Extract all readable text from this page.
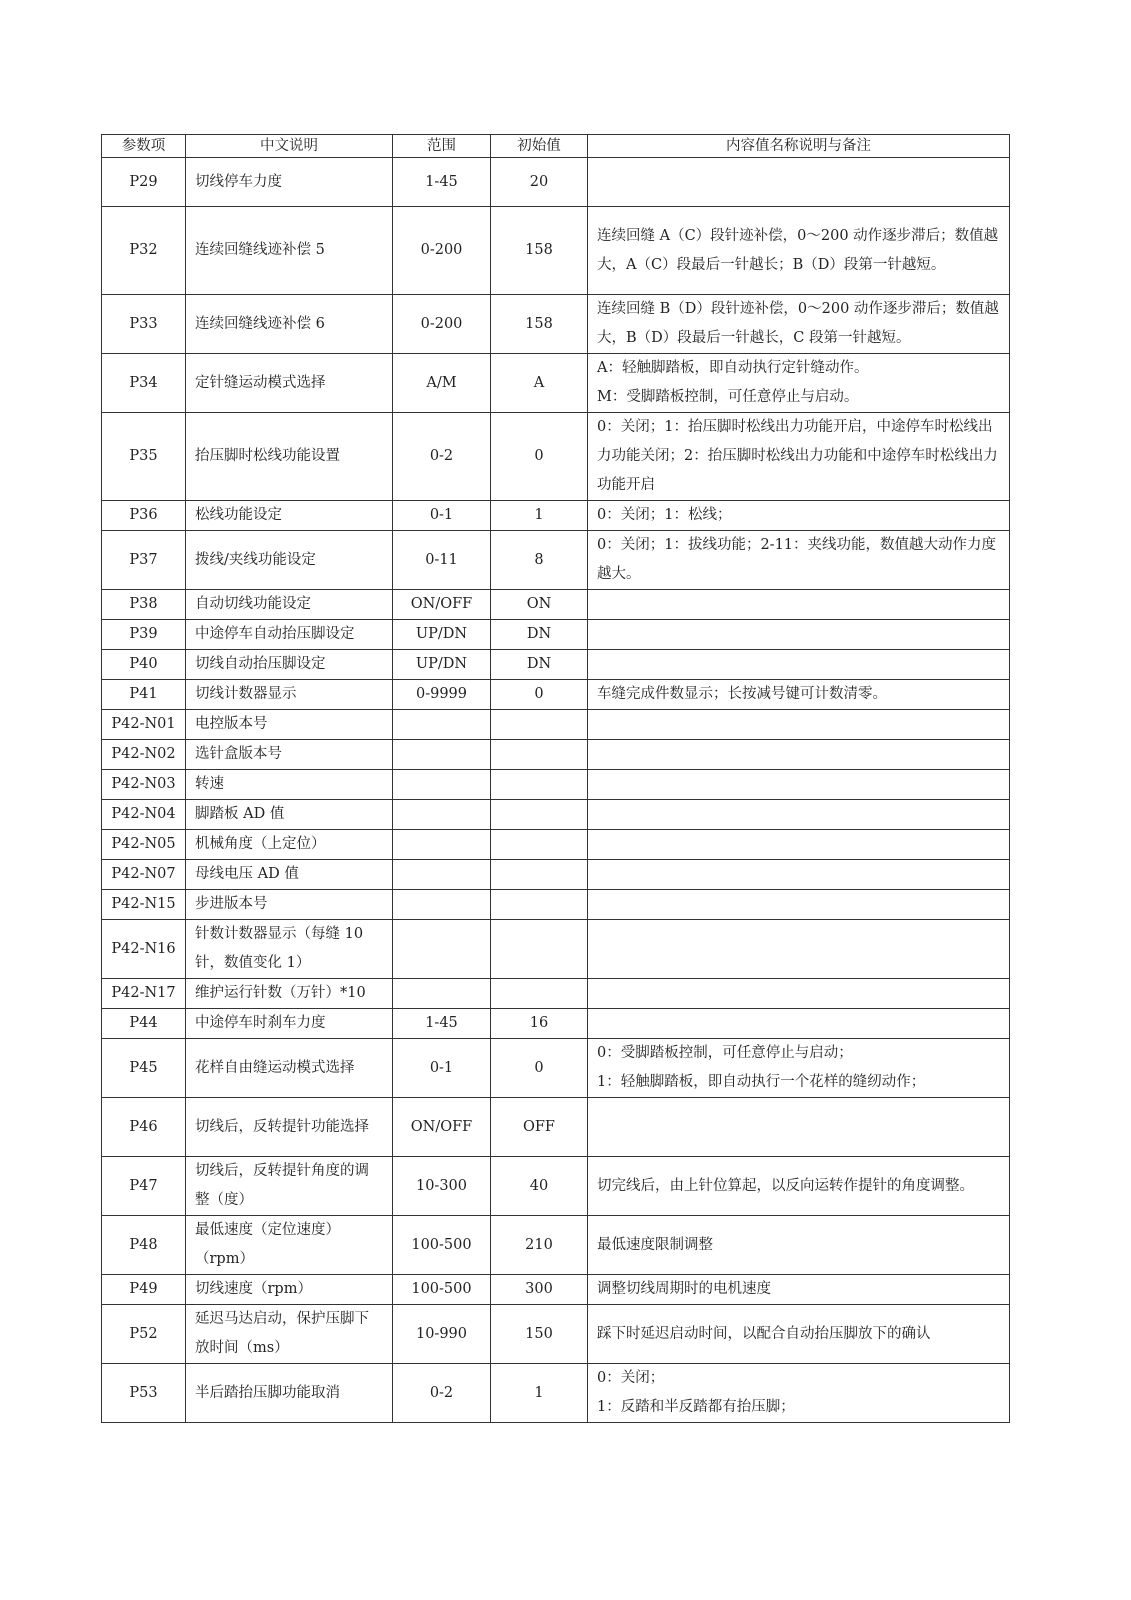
参数项	中文说明	范围	初始值	内容值名称说明与备注
P29	切线停车力度	1-45	20	
P32	连续回缝线迹补偿 5	0-200	158	连续回缝 A（C）段针迹补偿，0～200 动作逐步滞后；数值越大，A（C）段最后一针越长；B（D）段第一针越短。

P33	连续回缝线迹补偿 6	0-200	158	连续回缝 B（D）段针迹补偿，0～200 动作逐步滞后；数值越大，B（D）段最后一针越长，C 段第一针越短。

P34	定针缝运动模式选择	A/M	A	A：轻触脚踏板，即自动执行定针缝动作。
M：受脚踏板控制，可任意停止与启动。

P35	抬压脚时松线功能设置	0-2	0	0：关闭；1：抬压脚时松线出力功能开启，中途停车时松线出力功能关闭；2：抬压脚时松线出力功能和中途停车时松线出力功能开启

P36	松线功能设定	0-1	1	0：关闭；1：松线；

P37	拨线/夹线功能设定	0-11	8	0：关闭；1：拔线功能；2-11：夹线功能，数值越大动作力度越大。

P38	自动切线功能设定	ON/OFF	ON	
P39	中途停车自动抬压脚设定	UP/DN	DN	
P40	切线自动抬压脚设定	UP/DN	DN	
P41	切线计数器显示	0-9999	0	车缝完成件数显示；长按减号键可计数清零。

P42-N01	电控版本号			
P42-N02	选针盒版本号			
P42-N03	转速			
P42-N04	脚踏板 AD 值			
P42-N05	机械角度（上定位）			
P42-N07	母线电压 AD 值			
P42-N15	步进版本号			
P42-N16	针数计数器显示（每缝 10 针，数值变化 1）			
P42-N17	维护运行针数（万针）*10			
P44	中途停车时刹车力度	1-45	16	
P45	花样自由缝运动模式选择	0-1	0	0：受脚踏板控制，可任意停止与启动；
1：轻触脚踏板，即自动执行一个花样的缝纫动作；

P46	切线后，反转提针功能选择	ON/OFF	OFF	
P47	切线后，反转提针角度的调整（度）	10-300	40	切完线后，由上针位算起，以反向运转作提针的角度调整。

P48	最低速度（定位速度）（rpm）	100-500	210	最低速度限制调整

P49	切线速度（rpm）	100-500	300	调整切线周期时的电机速度

P52	延迟马达启动，保护压脚下放时间（ms）	10-990	150	踩下时延迟启动时间，以配合自动抬压脚放下的确认

P53	半后踏抬压脚功能取消	0-2	1	0：关闭；
1：反踏和半反踏都有抬压脚；
